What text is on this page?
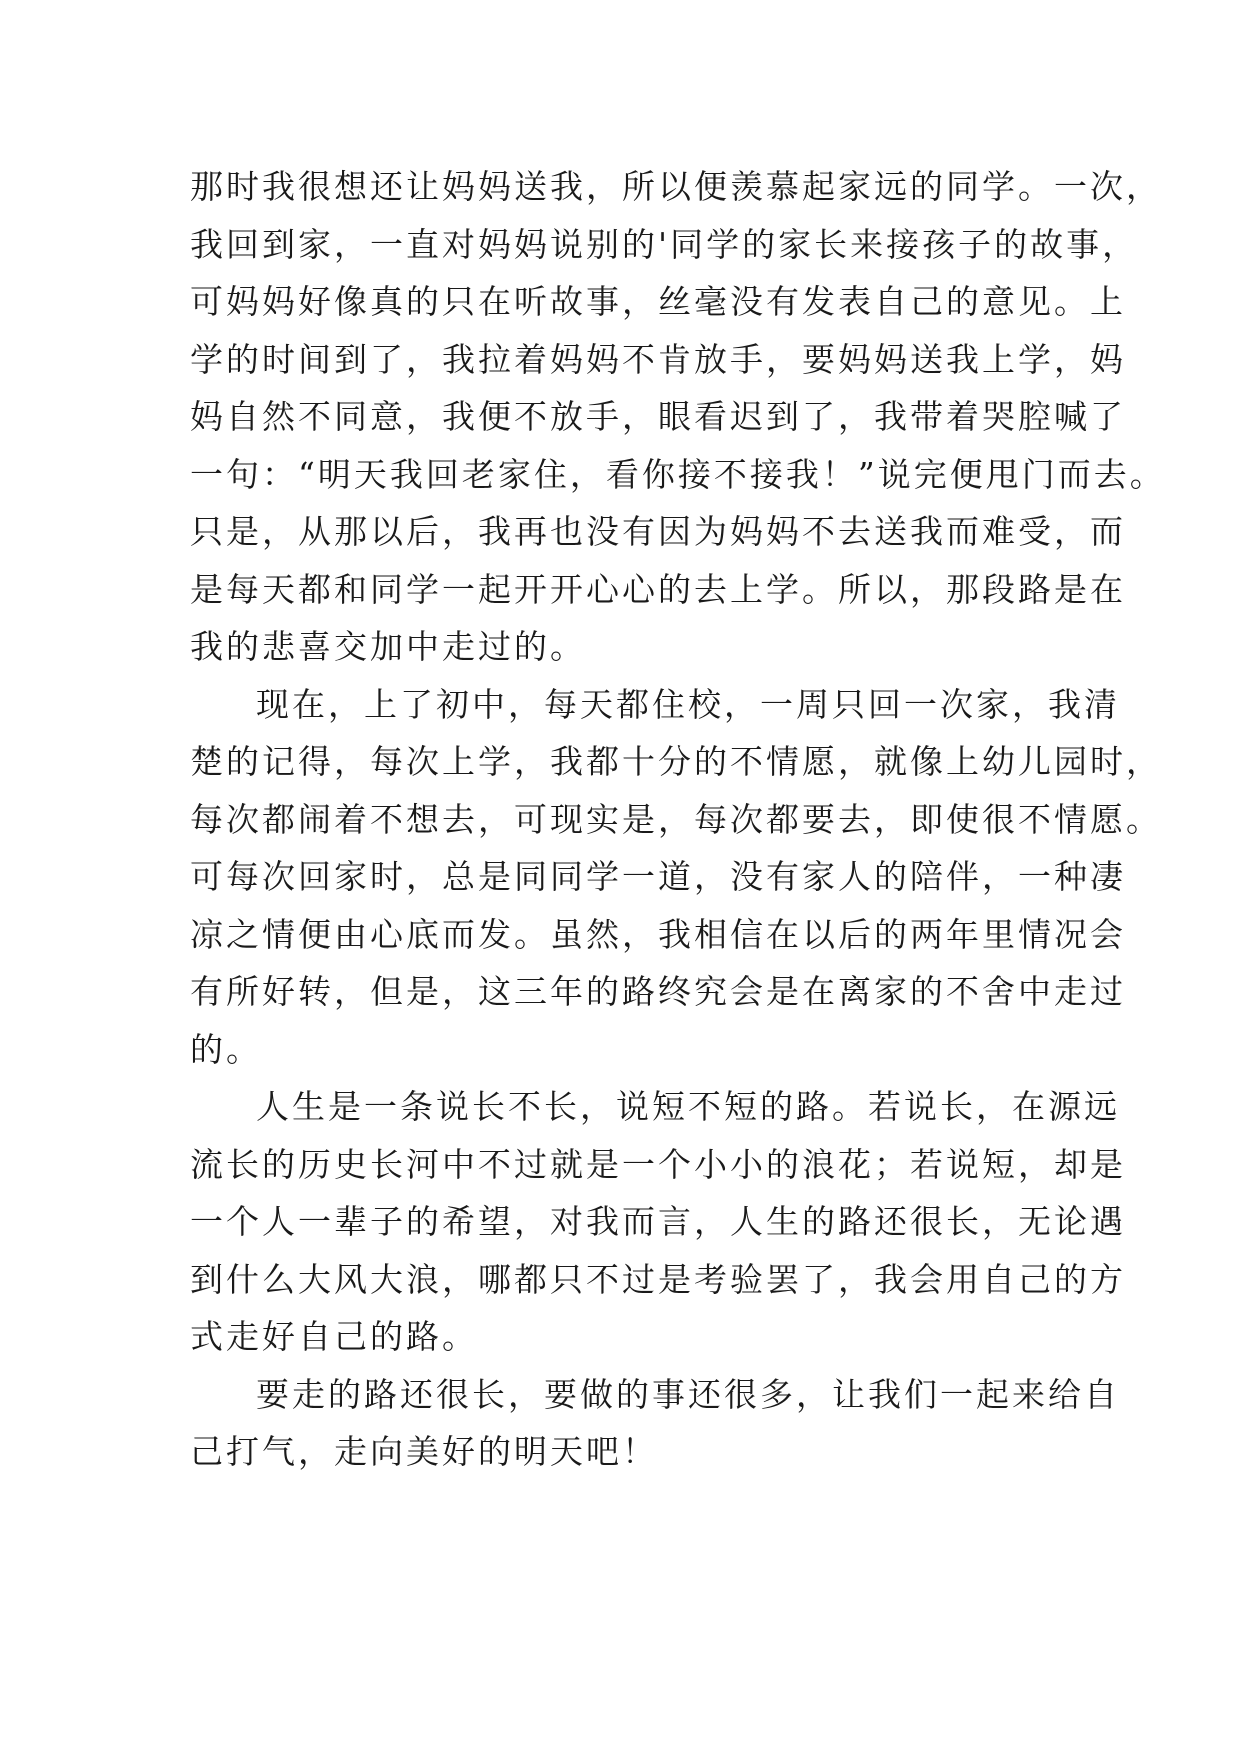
那时我很想还让妈妈送我，所以便羡慕起家远的同学。一次，
我回到家，一直对妈妈说别的'同学的家长来接孩子的故事，
可妈妈好像真的只在听故事，丝毫没有发表自己的意见。上
学的时间到了，我拉着妈妈不肯放手，要妈妈送我上学，妈
妈自然不同意，我便不放手，眼看迟到了，我带着哭腔喊了
一句：“明天我回老家住，看你接不接我！”说完便甩门而去。
只是，从那以后，我再也没有因为妈妈不去送我而难受，而
是每天都和同学一起开开心心的去上学。所以，那段路是在
我的悲喜交加中走过的。
现在，上了初中，每天都住校，一周只回一次家，我清
楚的记得，每次上学，我都十分的不情愿，就像上幼儿园时，
每次都闹着不想去，可现实是，每次都要去，即使很不情愿。
可每次回家时，总是同同学一道，没有家人的陪伴，一种凄
凉之情便由心底而发。虽然，我相信在以后的两年里情况会
有所好转，但是，这三年的路终究会是在离家的不舍中走过
的。
人生是一条说长不长，说短不短的路。若说长，在源远
流长的历史长河中不过就是一个小小的浪花；若说短，却是
一个人一辈子的希望，对我而言，人生的路还很长，无论遇
到什么大风大浪，哪都只不过是考验罢了，我会用自己的方
式走好自己的路。
要走的路还很长，要做的事还很多，让我们一起来给自
己打气，走向美好的明天吧！
